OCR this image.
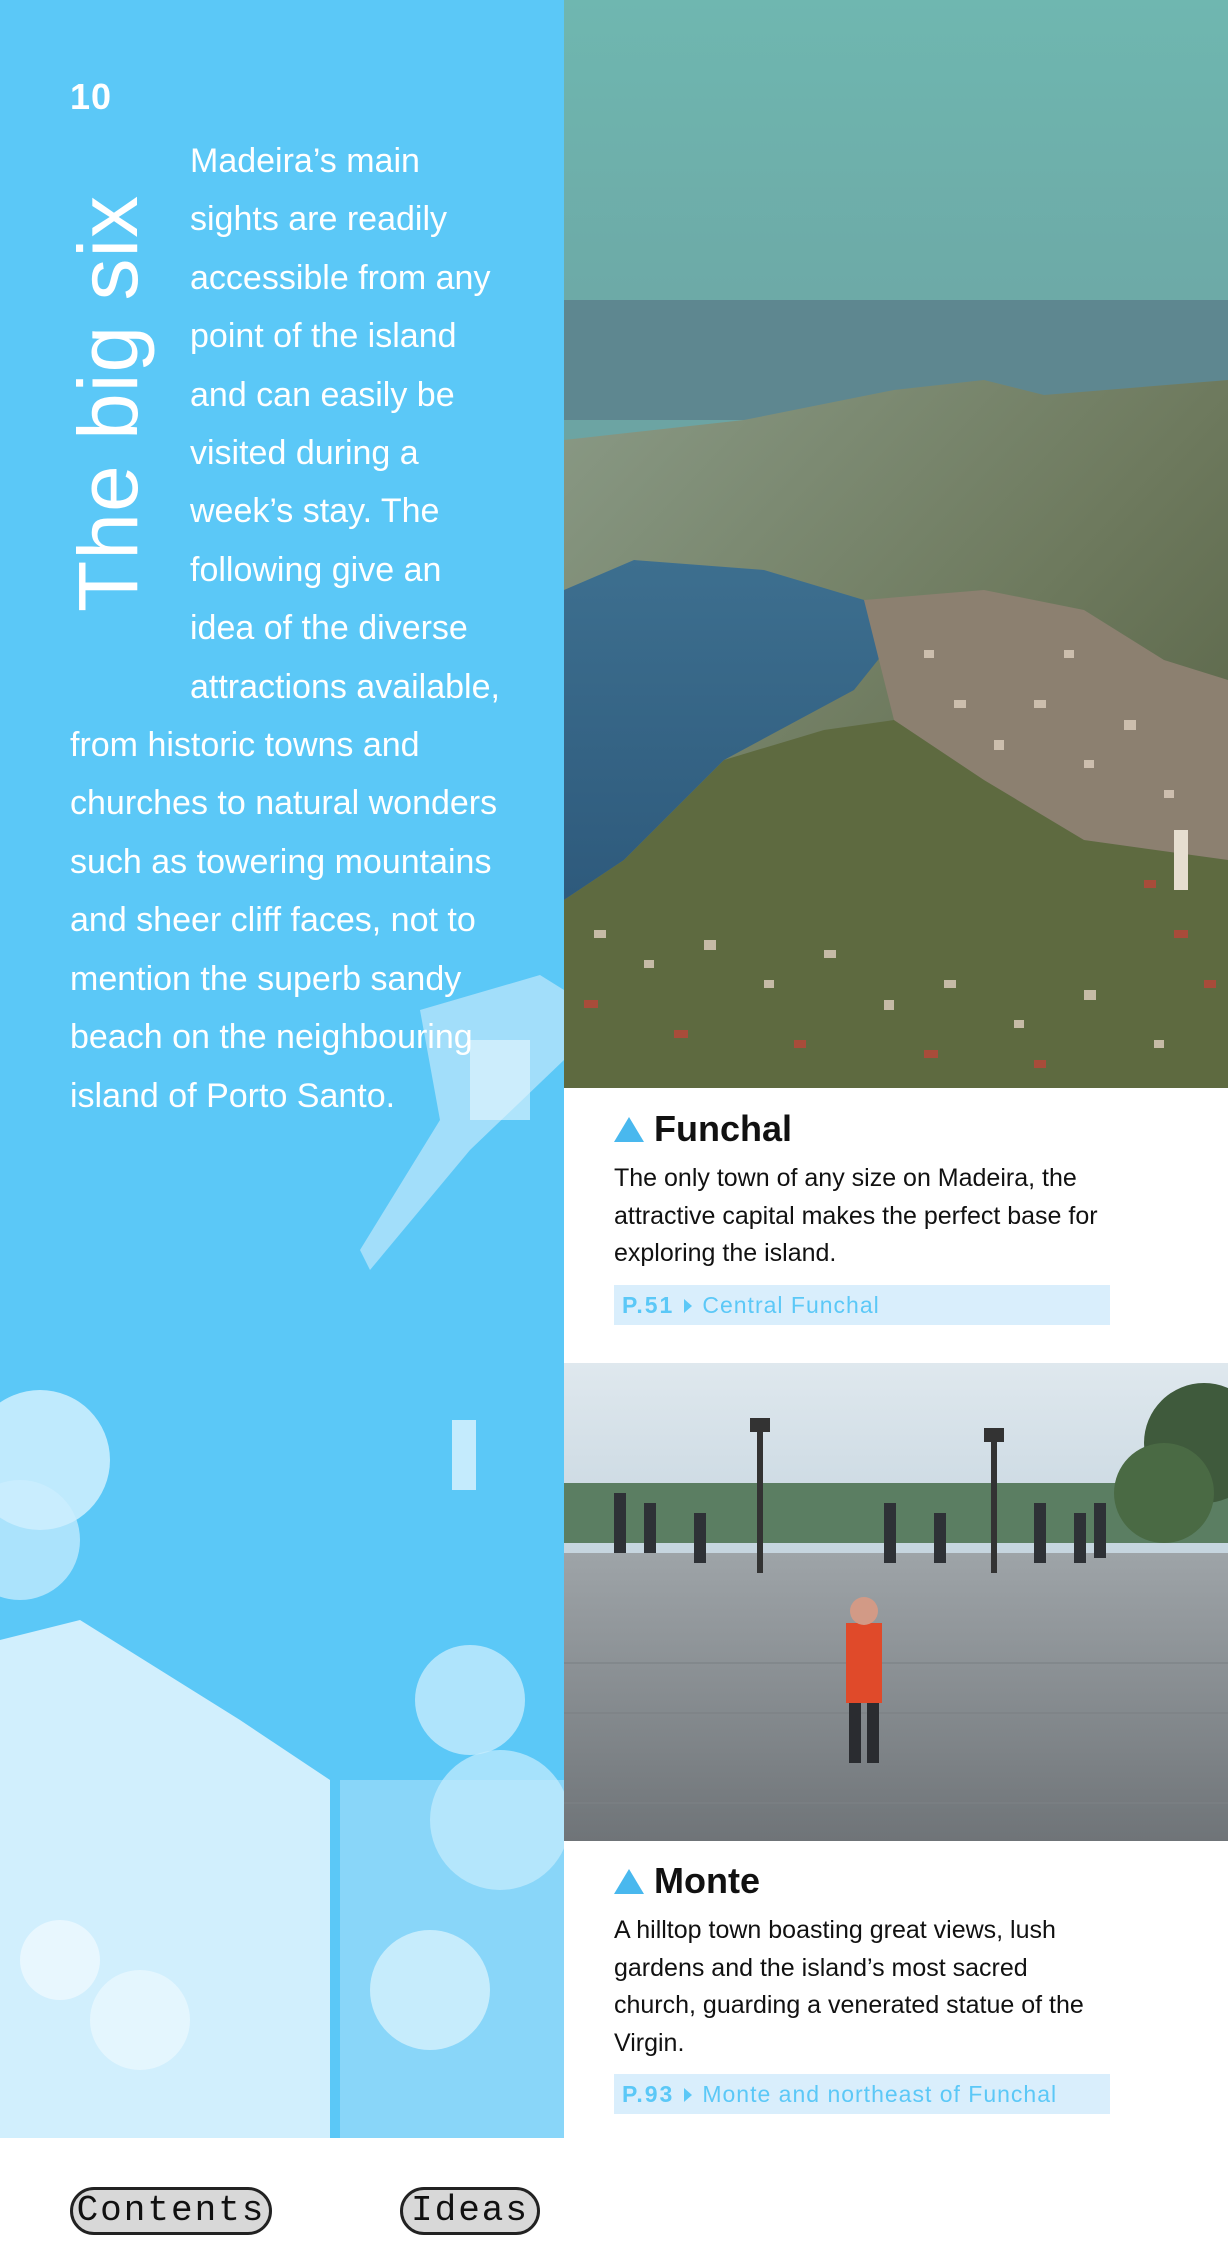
10
The big six

Madeira’s main sights are readily accessible from any point of the island and can easily be visited during a week’s stay. The following give an idea of the diverse attractions available, from historic towns and churches to natural wonders such as towering mountains and sheer cliff faces, not to mention the superb sandy beach on the neighbouring island of Porto Santo.

Funchal

The only town of any size on Madeira, the attractive capital makes the perfect base for exploring the island.

P.51 Central Funchal
Monte

A hilltop town boasting great views, lush gardens and the island’s most sacred church, guarding a venerated statue of the Virgin.

P.93 Monte and northeast of Funchal
Contents	Ideas
